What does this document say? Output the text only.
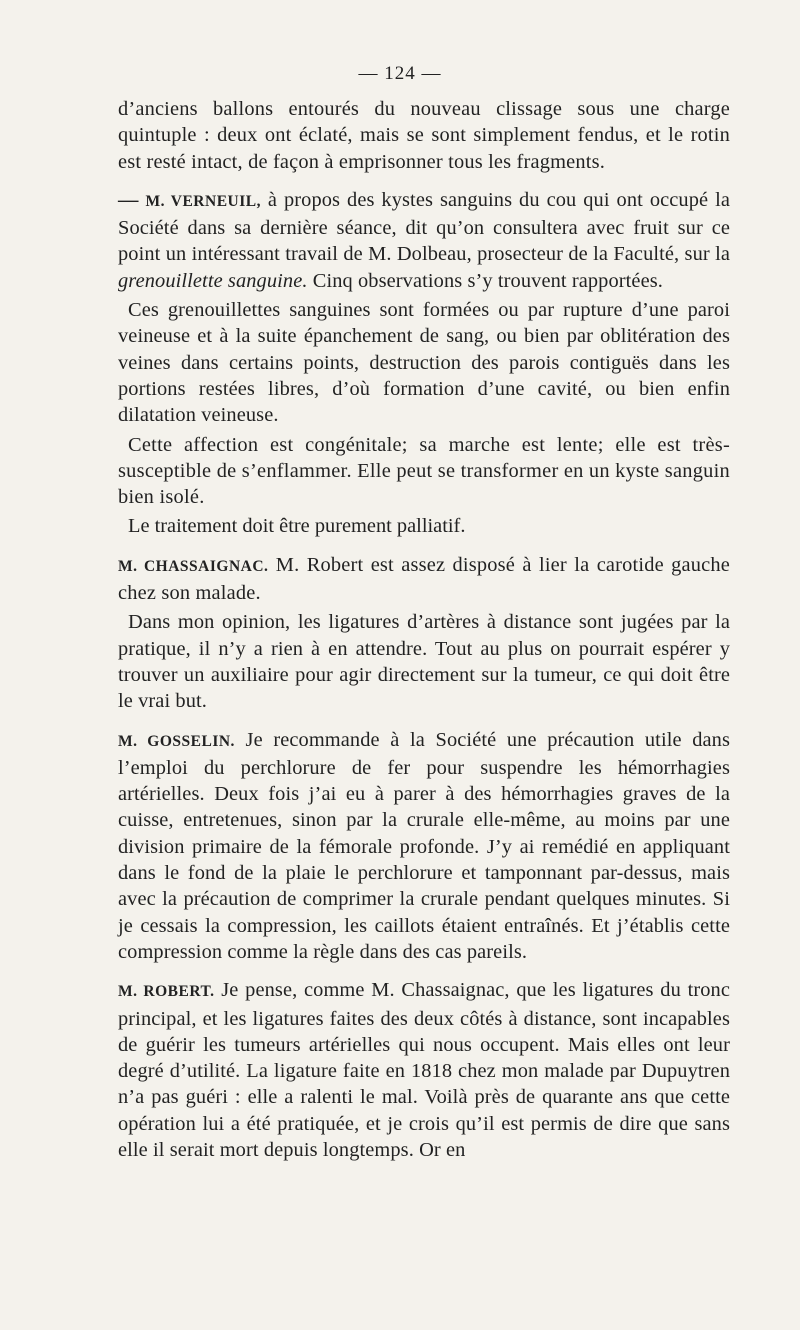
— 124 —

d’anciens ballons entourés du nouveau clissage sous une charge quintuple : deux ont éclaté, mais se sont simplement fendus, et le rotin est resté intact, de façon à emprisonner tous les fragments.

— M. VERNEUIL, à propos des kystes sanguins du cou qui ont occupé la Société dans sa dernière séance, dit qu’on consultera avec fruit sur ce point un intéressant travail de M. Dolbeau, prosecteur de la Faculté, sur la grenouillette sanguine. Cinq observations s’y trouvent rapportées.

Ces grenouillettes sanguines sont formées ou par rupture d’une paroi veineuse et à la suite épanchement de sang, ou bien par oblitération des veines dans certains points, destruction des parois contiguës dans les portions restées libres, d’où formation d’une cavité, ou bien enfin dilatation veineuse.

Cette affection est congénitale; sa marche est lente; elle est très-susceptible de s’enflammer. Elle peut se transformer en un kyste sanguin bien isolé.

Le traitement doit être purement palliatif.

M. CHASSAIGNAC. M. Robert est assez disposé à lier la carotide gauche chez son malade.

Dans mon opinion, les ligatures d’artères à distance sont jugées par la pratique, il n’y a rien à en attendre. Tout au plus on pourrait espérer y trouver un auxiliaire pour agir directement sur la tumeur, ce qui doit être le vrai but.

M. GOSSELIN. Je recommande à la Société une précaution utile dans l’emploi du perchlorure de fer pour suspendre les hémorrhagies artérielles. Deux fois j’ai eu à parer à des hémorrhagies graves de la cuisse, entretenues, sinon par la crurale elle-même, au moins par une division primaire de la fémorale profonde. J’y ai remédié en appliquant dans le fond de la plaie le perchlorure et tamponnant par-dessus, mais avec la précaution de comprimer la crurale pendant quelques minutes. Si je cessais la compression, les caillots étaient entraînés. Et j’établis cette compression comme la règle dans des cas pareils.

M. ROBERT. Je pense, comme M. Chassaignac, que les ligatures du tronc principal, et les ligatures faites des deux côtés à distance, sont incapables de guérir les tumeurs artérielles qui nous occupent. Mais elles ont leur degré d’utilité. La ligature faite en 1818 chez mon malade par Dupuytren n’a pas guéri : elle a ralenti le mal. Voilà près de quarante ans que cette opération lui a été pratiquée, et je crois qu’il est permis de dire que sans elle il serait mort depuis longtemps. Or en
